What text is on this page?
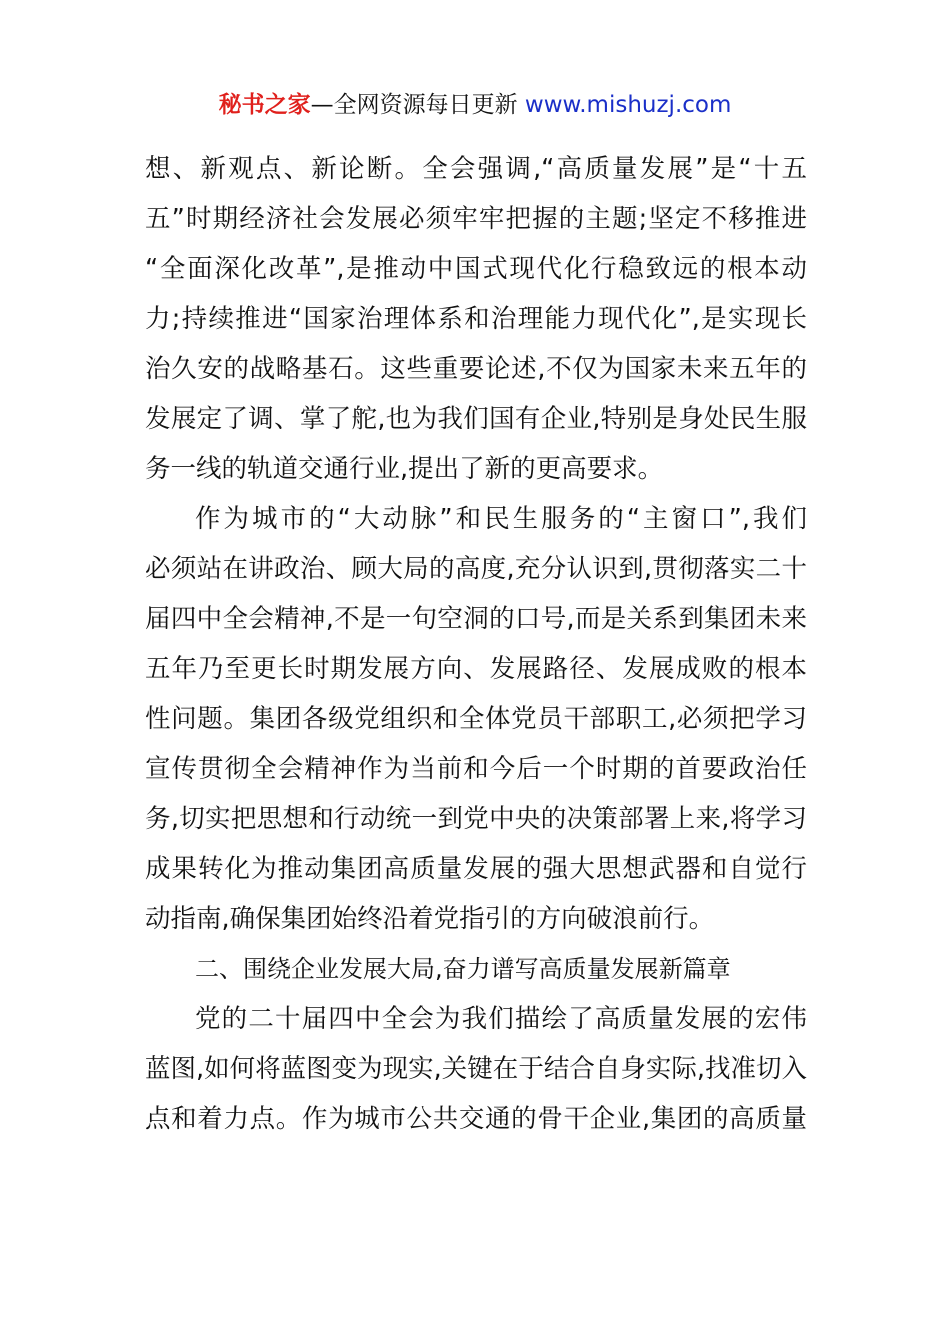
秘书之家—全网资源每日更新 www.mishuzj.com
想、新观点、新论断。全会强调,“高质量发展”是“十五
五”时期经济社会发展必须牢牢把握的主题;坚定不移推进
“全面深化改革”,是推动中国式现代化行稳致远的根本动
力;持续推进“国家治理体系和治理能力现代化”,是实现长
治久安的战略基石。这些重要论述,不仅为国家未来五年的
发展定了调、掌了舵,也为我们国有企业,特别是身处民生服
务一线的轨道交通行业,提出了新的更高要求。
作为城市的“大动脉”和民生服务的“主窗口”,我们
必须站在讲政治、顾大局的高度,充分认识到,贯彻落实二十
届四中全会精神,不是一句空洞的口号,而是关系到集团未来
五年乃至更长时期发展方向、发展路径、发展成败的根本
性问题。集团各级党组织和全体党员干部职工,必须把学习
宣传贯彻全会精神作为当前和今后一个时期的首要政治任
务,切实把思想和行动统一到党中央的决策部署上来,将学习
成果转化为推动集团高质量发展的强大思想武器和自觉行
动指南,确保集团始终沿着党指引的方向破浪前行。
二、围绕企业发展大局,奋力谱写高质量发展新篇章
党的二十届四中全会为我们描绘了高质量发展的宏伟
蓝图,如何将蓝图变为现实,关键在于结合自身实际,找准切入
点和着力点。作为城市公共交通的骨干企业,集团的高质量
